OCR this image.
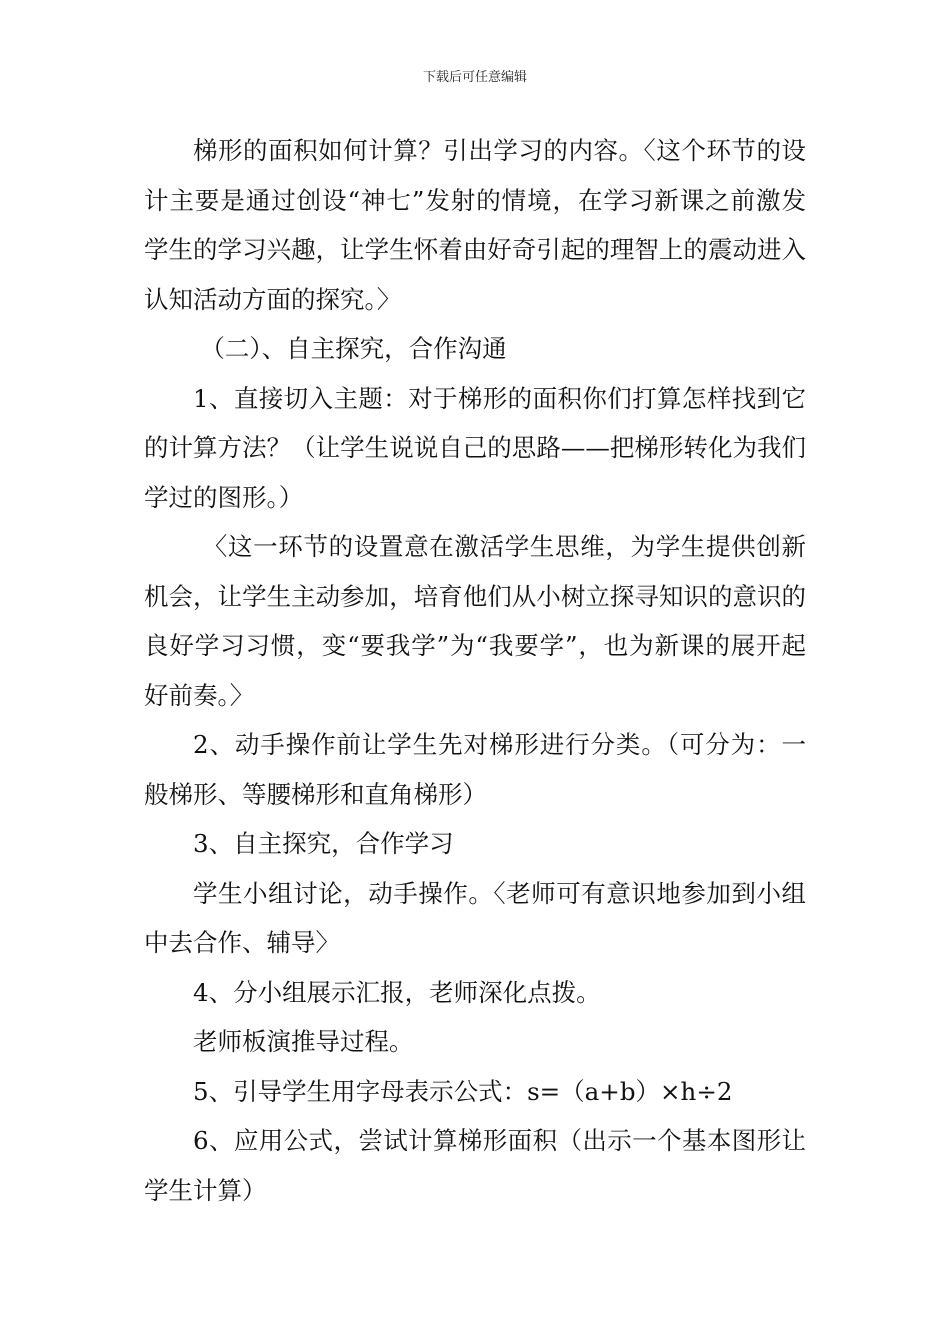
下载后可任意编辑

梯形的面积如何计算？引出学习的内容。〈这个环节的设计主要是通过创设“神七”发射的情境，在学习新课之前激发学生的学习兴趣，让学生怀着由好奇引起的理智上的震动进入认知活动方面的探究。〉

（二）、自主探究，合作沟通

1、直接切入主题：对于梯形的面积你们打算怎样找到它的计算方法？（让学生说说自己的思路——把梯形转化为我们学过的图形。）

〈这一环节的设置意在激活学生思维，为学生提供创新机会，让学生主动参加，培育他们从小树立探寻知识的意识的良好学习习惯，变“要我学”为“我要学”，也为新课的展开起好前奏。〉

2、动手操作前让学生先对梯形进行分类。（可分为：一般梯形、等腰梯形和直角梯形）

3、自主探究，合作学习

学生小组讨论，动手操作。〈老师可有意识地参加到小组中去合作、辅导〉

4、分小组展示汇报，老师深化点拨。

老师板演推导过程。

5、引导学生用字母表示公式：s=（a+b）×h÷2

6、应用公式，尝试计算梯形面积（出示一个基本图形让学生计算）
